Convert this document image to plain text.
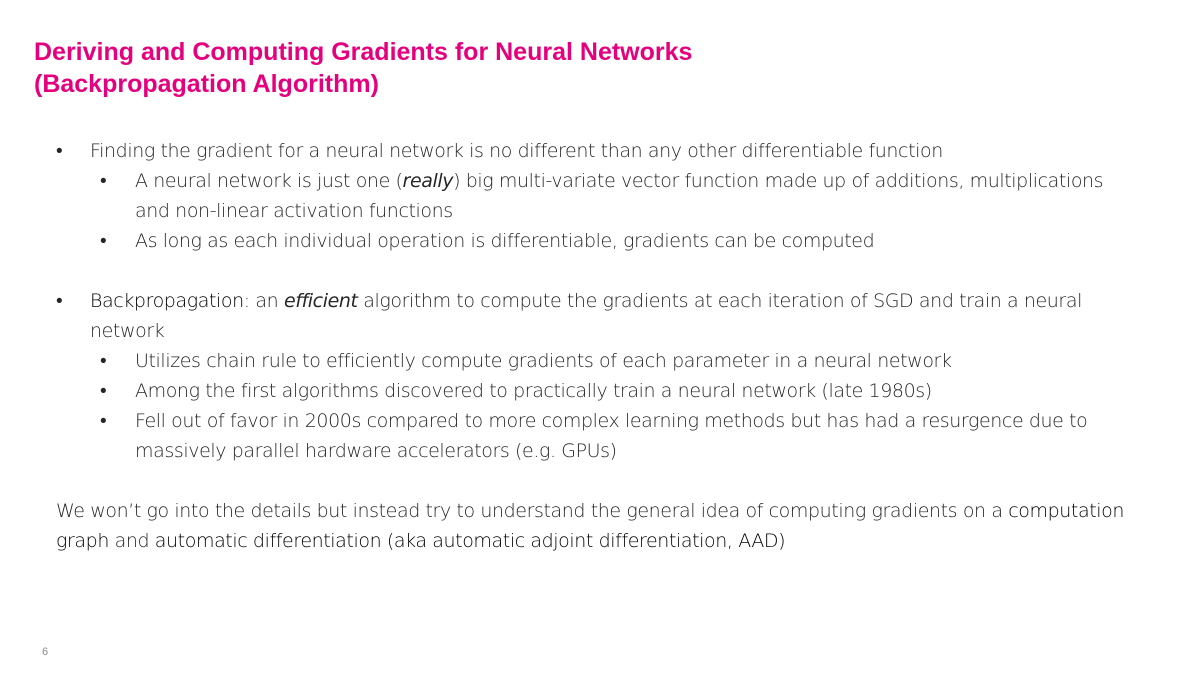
Deriving and Computing Gradients for Neural Networks
(Backpropagation Algorithm)
• Finding the gradient for a neural network is no different than any other differentiable function
• A neural network is just one (really) big multi-variate vector function made up of additions, multiplications and non-linear activation functions
• As long as each individual operation is differentiable, gradients can be computed
• Backpropagation: an efficient algorithm to compute the gradients at each iteration of SGD and train a neural network
• Utilizes chain rule to efficiently compute gradients of each parameter in a neural network
• Among the first algorithms discovered to practically train a neural network (late 1980s)
• Fell out of favor in 2000s compared to more complex learning methods but has had a resurgence due to massively parallel hardware accelerators (e.g. GPUs)
We won’t go into the details but instead try to understand the general idea of computing gradients on a computation graph and automatic differentiation (aka automatic adjoint differentiation, AAD)
6
